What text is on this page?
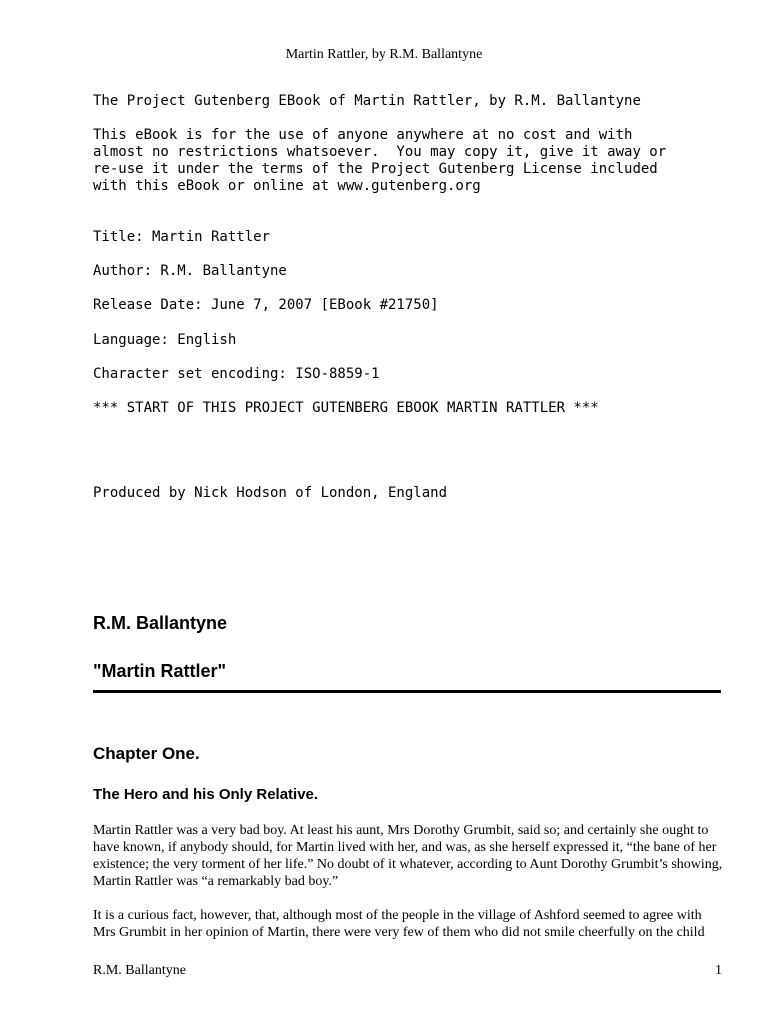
Martin Rattler, by R.M. Ballantyne
The Project Gutenberg EBook of Martin Rattler, by R.M. Ballantyne
This eBook is for the use of anyone anywhere at no cost and with
almost no restrictions whatsoever.  You may copy it, give it away or
re-use it under the terms of the Project Gutenberg License included
with this eBook or online at www.gutenberg.org
Title: Martin Rattler
Author: R.M. Ballantyne
Release Date: June 7, 2007 [EBook #21750]
Language: English
Character set encoding: ISO-8859-1
*** START OF THIS PROJECT GUTENBERG EBOOK MARTIN RATTLER ***
Produced by Nick Hodson of London, England
R.M. Ballantyne
"Martin Rattler"
Chapter One.
The Hero and his Only Relative.

Martin Rattler was a very bad boy. At least his aunt, Mrs Dorothy Grumbit, said so; and certainly she ought to have known, if anybody should, for Martin lived with her, and was, as she herself expressed it, “the bane of her existence; the very torment of her life.” No doubt of it whatever, according to Aunt Dorothy Grumbit’s showing, Martin Rattler was “a remarkably bad boy.”

It is a curious fact, however, that, although most of the people in the village of Ashford seemed to agree with Mrs Grumbit in her opinion of Martin, there were very few of them who did not smile cheerfully on the child

R.M. Ballantyne	1
